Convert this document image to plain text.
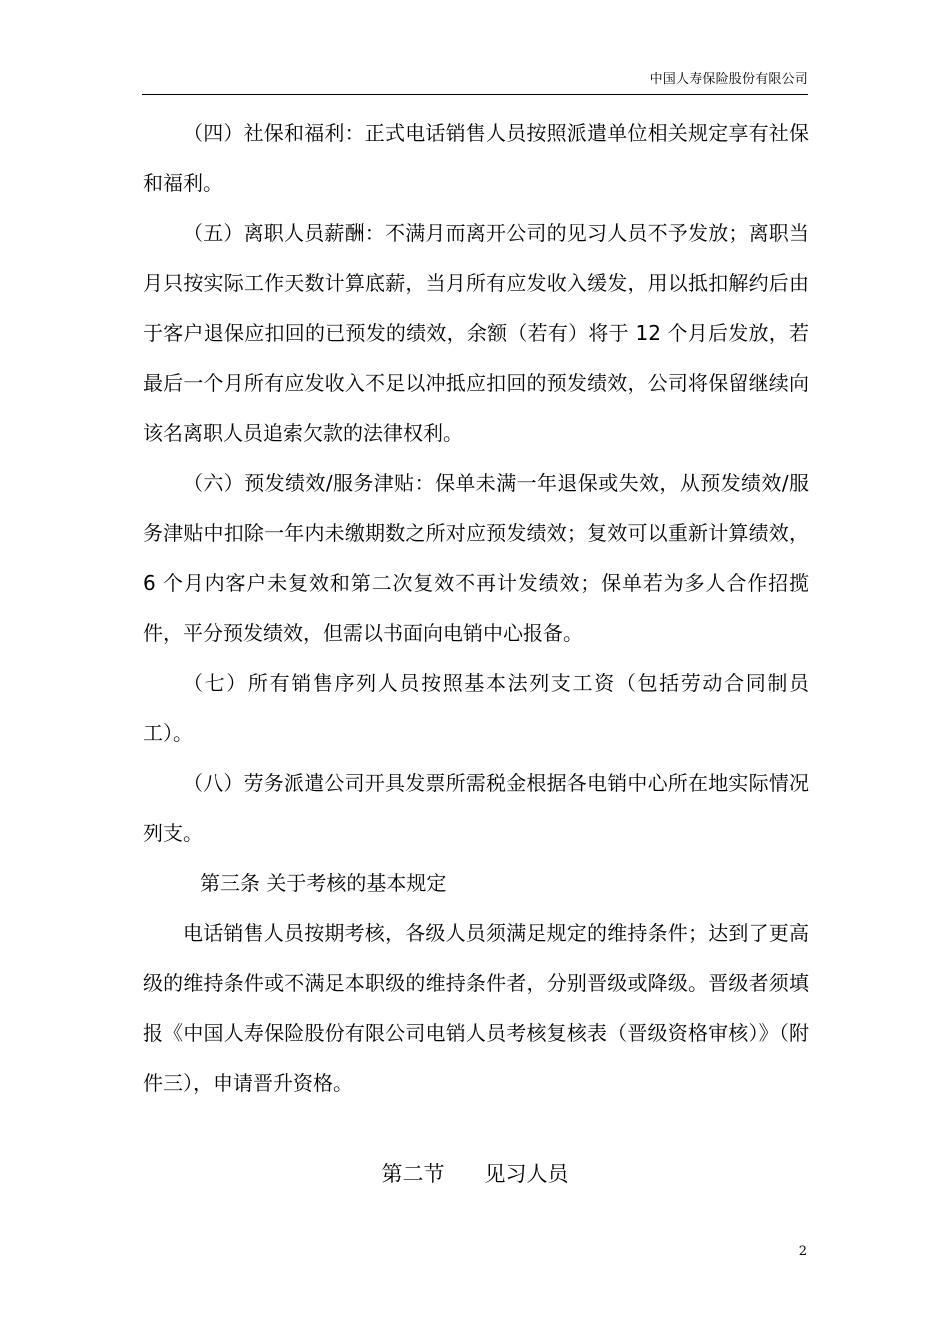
中国人寿保险股份有限公司

（四）社保和福利：正式电话销售人员按照派遣单位相关规定享有社保和福利。

（五）离职人员薪酬：不满月而离开公司的见习人员不予发放；离职当月只按实际工作天数计算底薪，当月所有应发收入缓发，用以抵扣解约后由于客户退保应扣回的已预发的绩效，余额（若有）将于 12 个月后发放，若最后一个月所有应发收入不足以冲抵应扣回的预发绩效，公司将保留继续向该名离职人员追索欠款的法律权利。

（六）预发绩效/服务津贴：保单未满一年退保或失效，从预发绩效/服务津贴中扣除一年内未缴期数之所对应预发绩效；复效可以重新计算绩效，6 个月内客户未复效和第二次复效不再计发绩效；保单若为多人合作招揽件，平分预发绩效，但需以书面向电销中心报备。

（七）所有销售序列人员按照基本法列支工资（包括劳动合同制员工）。

（八）劳务派遣公司开具发票所需税金根据各电销中心所在地实际情况列支。

第三条 关于考核的基本规定

电话销售人员按期考核，各级人员须满足规定的维持条件；达到了更高级的维持条件或不满足本职级的维持条件者，分别晋级或降级。晋级者须填报《中国人寿保险股份有限公司电销人员考核复核表（晋级资格审核）》（附件三），申请晋升资格。

第二节      见习人员
2
